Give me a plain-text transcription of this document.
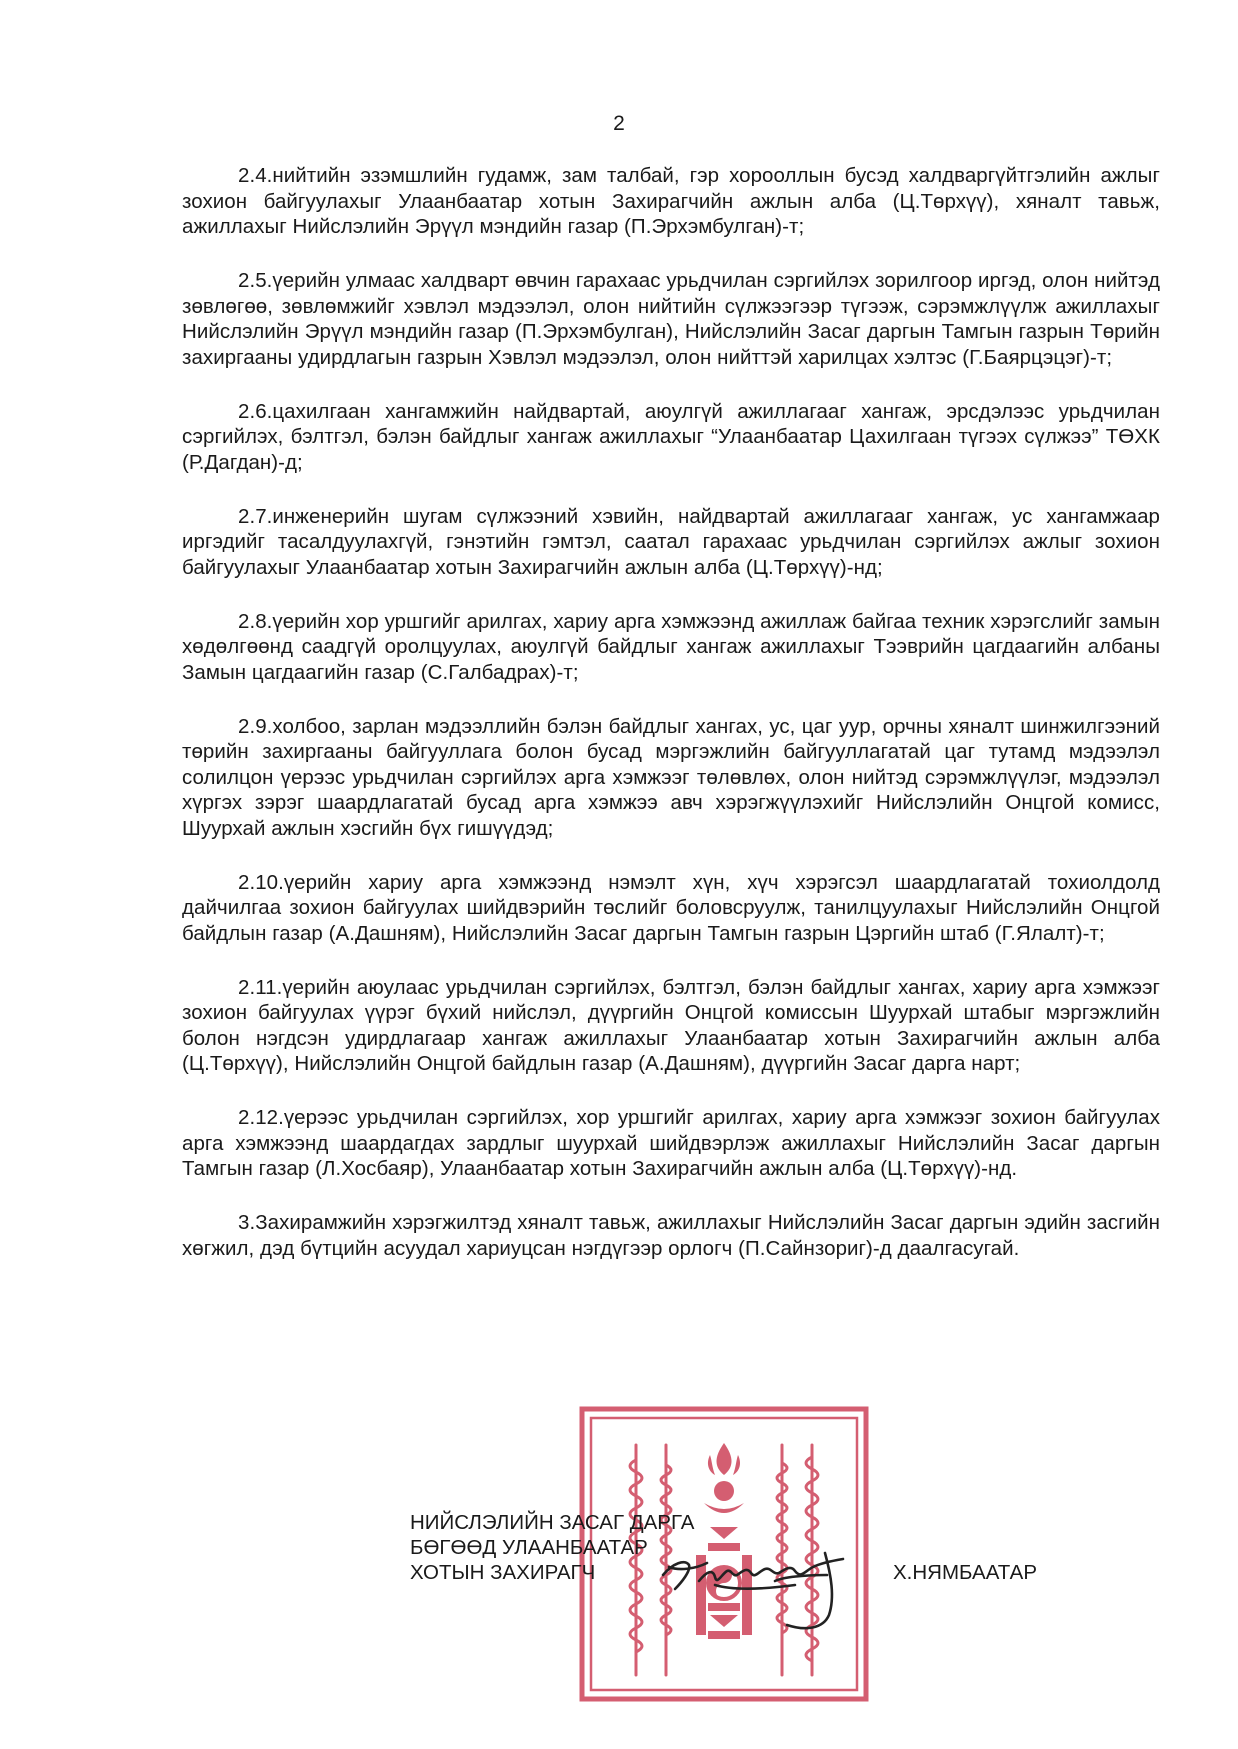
2

2.4.нийтийн эзэмшлийн гудамж, зам талбай, гэр хорооллын бусэд халдваргүйтгэлийн ажлыг зохион байгуулахыг Улаанбаатар хотын Захирагчийн ажлын алба (Ц.Төрхүү), хяналт тавьж, ажиллахыг Нийслэлийн Эрүүл мэндийн газар (П.Эрхэмбулган)-т;

2.5.үерийн улмаас халдварт өвчин гарахаас урьдчилан сэргийлэх зорилгоор иргэд, олон нийтэд зөвлөгөө, зөвлөмжийг хэвлэл мэдээлэл, олон нийтийн сүлжээгээр түгээж, сэрэмжлүүлж ажиллахыг Нийслэлийн Эрүүл мэндийн газар (П.Эрхэмбулган), Нийслэлийн Засаг даргын Тамгын газрын Төрийн захиргааны удирдлагын газрын Хэвлэл мэдээлэл, олон нийттэй харилцах хэлтэс (Г.Баярцэцэг)-т;

2.6.цахилгаан хангамжийн найдвартай, аюулгүй ажиллагааг хангаж, эрсдэлээс урьдчилан сэргийлэх, бэлтгэл, бэлэн байдлыг хангаж ажиллахыг “Улаанбаатар Цахилгаан түгээх сүлжээ” ТӨХК (Р.Дагдан)-д;

2.7.инженерийн шугам сүлжээний хэвийн, найдвартай ажиллагааг хангаж, ус хангамжаар иргэдийг тасалдуулахгүй, гэнэтийн гэмтэл, саатал гарахаас урьдчилан сэргийлэх ажлыг зохион байгуулахыг Улаанбаатар хотын Захирагчийн ажлын алба (Ц.Төрхүү)-нд;

2.8.үерийн хор уршгийг арилгах, хариу арга хэмжээнд ажиллаж байгаа техник хэрэгслийг замын хөдөлгөөнд саадгүй оролцуулах, аюулгүй байдлыг хангаж ажиллахыг Тээврийн цагдаагийн албаны Замын цагдаагийн газар (С.Галбадрах)-т;

2.9.холбоо, зарлан мэдээллийн бэлэн байдлыг хангах, ус, цаг уур, орчны хяналт шинжилгээний төрийн захиргааны байгууллага болон бусад мэргэжлийн байгууллагатай цаг тутамд мэдээлэл солилцон үерээс урьдчилан сэргийлэх арга хэмжээг төлөвлөх, олон нийтэд сэрэмжлүүлэг, мэдээлэл хүргэх зэрэг шаардлагатай бусад арга хэмжээ авч хэрэгжүүлэхийг Нийслэлийн Онцгой комисс, Шуурхай ажлын хэсгийн бүх гишүүдэд;

2.10.үерийн хариу арга хэмжээнд нэмэлт хүн, хүч хэрэгсэл шаардлагатай тохиолдолд дайчилгаа зохион байгуулах шийдвэрийн төслийг боловсруулж, танилцуулахыг Нийслэлийн Онцгой байдлын газар (А.Дашням), Нийслэлийн Засаг даргын Тамгын газрын Цэргийн штаб (Г.Ялалт)-т;

2.11.үерийн аюулаас урьдчилан сэргийлэх, бэлтгэл, бэлэн байдлыг хангах, хариу арга хэмжээг зохион байгуулах үүрэг бүхий нийслэл, дүүргийн Онцгой комиссын Шуурхай штабыг мэргэжлийн болон нэгдсэн удирдлагаар хангаж ажиллахыг Улаанбаатар хотын Захирагчийн ажлын алба (Ц.Төрхүү), Нийслэлийн Онцгой байдлын газар (А.Дашням), дүүргийн Засаг дарга нарт;

2.12.үерээс урьдчилан сэргийлэх, хор уршгийг арилгах, хариу арга хэмжээг зохион байгуулах арга хэмжээнд шаардагдах зардлыг шуурхай шийдвэрлэж ажиллахыг Нийслэлийн Засаг даргын Тамгын газар (Л.Хосбаяр), Улаанбаатар хотын Захирагчийн ажлын алба (Ц.Төрхүү)-нд.

3.Захирамжийн хэрэгжилтэд хяналт тавьж, ажиллахыг Нийслэлийн Засаг даргын эдийн засгийн хөгжил, дэд бүтцийн асуудал хариуцсан нэгдүгээр орлогч (П.Сайнзориг)-д даалгасугай.

НИЙСЛЭЛИЙН ЗАСАГ ДАРГА
БӨГӨӨД УЛААНБААТАР
ХОТЫН ЗАХИРАГЧ	Х.НЯМБААТАР
